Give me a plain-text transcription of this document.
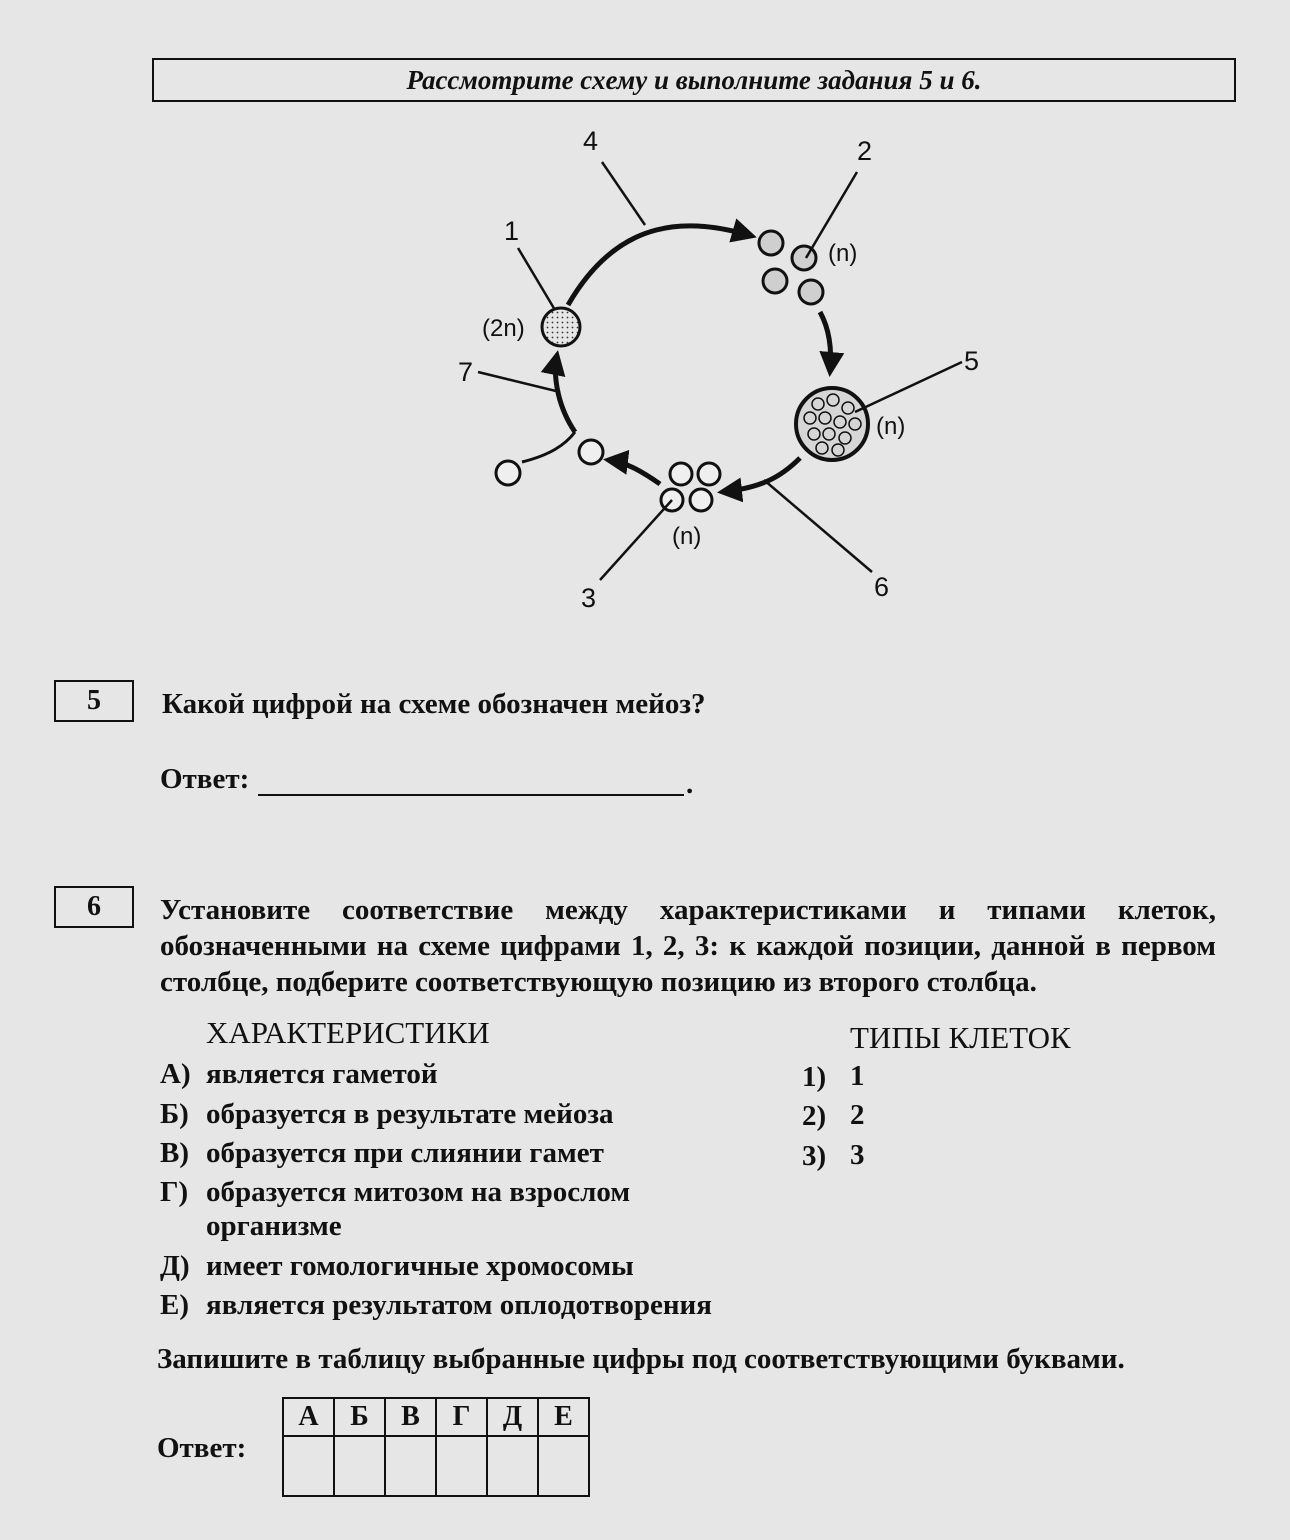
Рассмотрите схему и выполните задания 5 и 6.
1
2
3
4
5
6
7
(2n)
(n)
(n)
(n)
5 Какой цифрой на схеме обозначен мейоз?
Ответ:	.
6 Установите соответствие между характеристиками и типами клеток, обозначенными на схеме цифрами 1, 2, 3: к каждой позиции, данной в первом столбце, подберите соответствующую позицию из второго столбца.
ХАРАКТЕРИСТИКИ	ТИПЫ КЛЕТОК
А) является гаметой
Б) образуется в результате мейоза
В) образуется при слиянии гамет
Г) образуется митозом на взрослом
организме
Д) имеет гомологичные хромосомы
Е) является результатом оплодотворения
1) 1
2) 2
3) 3
Запишите в таблицу выбранные цифры под соответствующими буквами.
Ответ:
А	Б	В	Г	Д	Е
